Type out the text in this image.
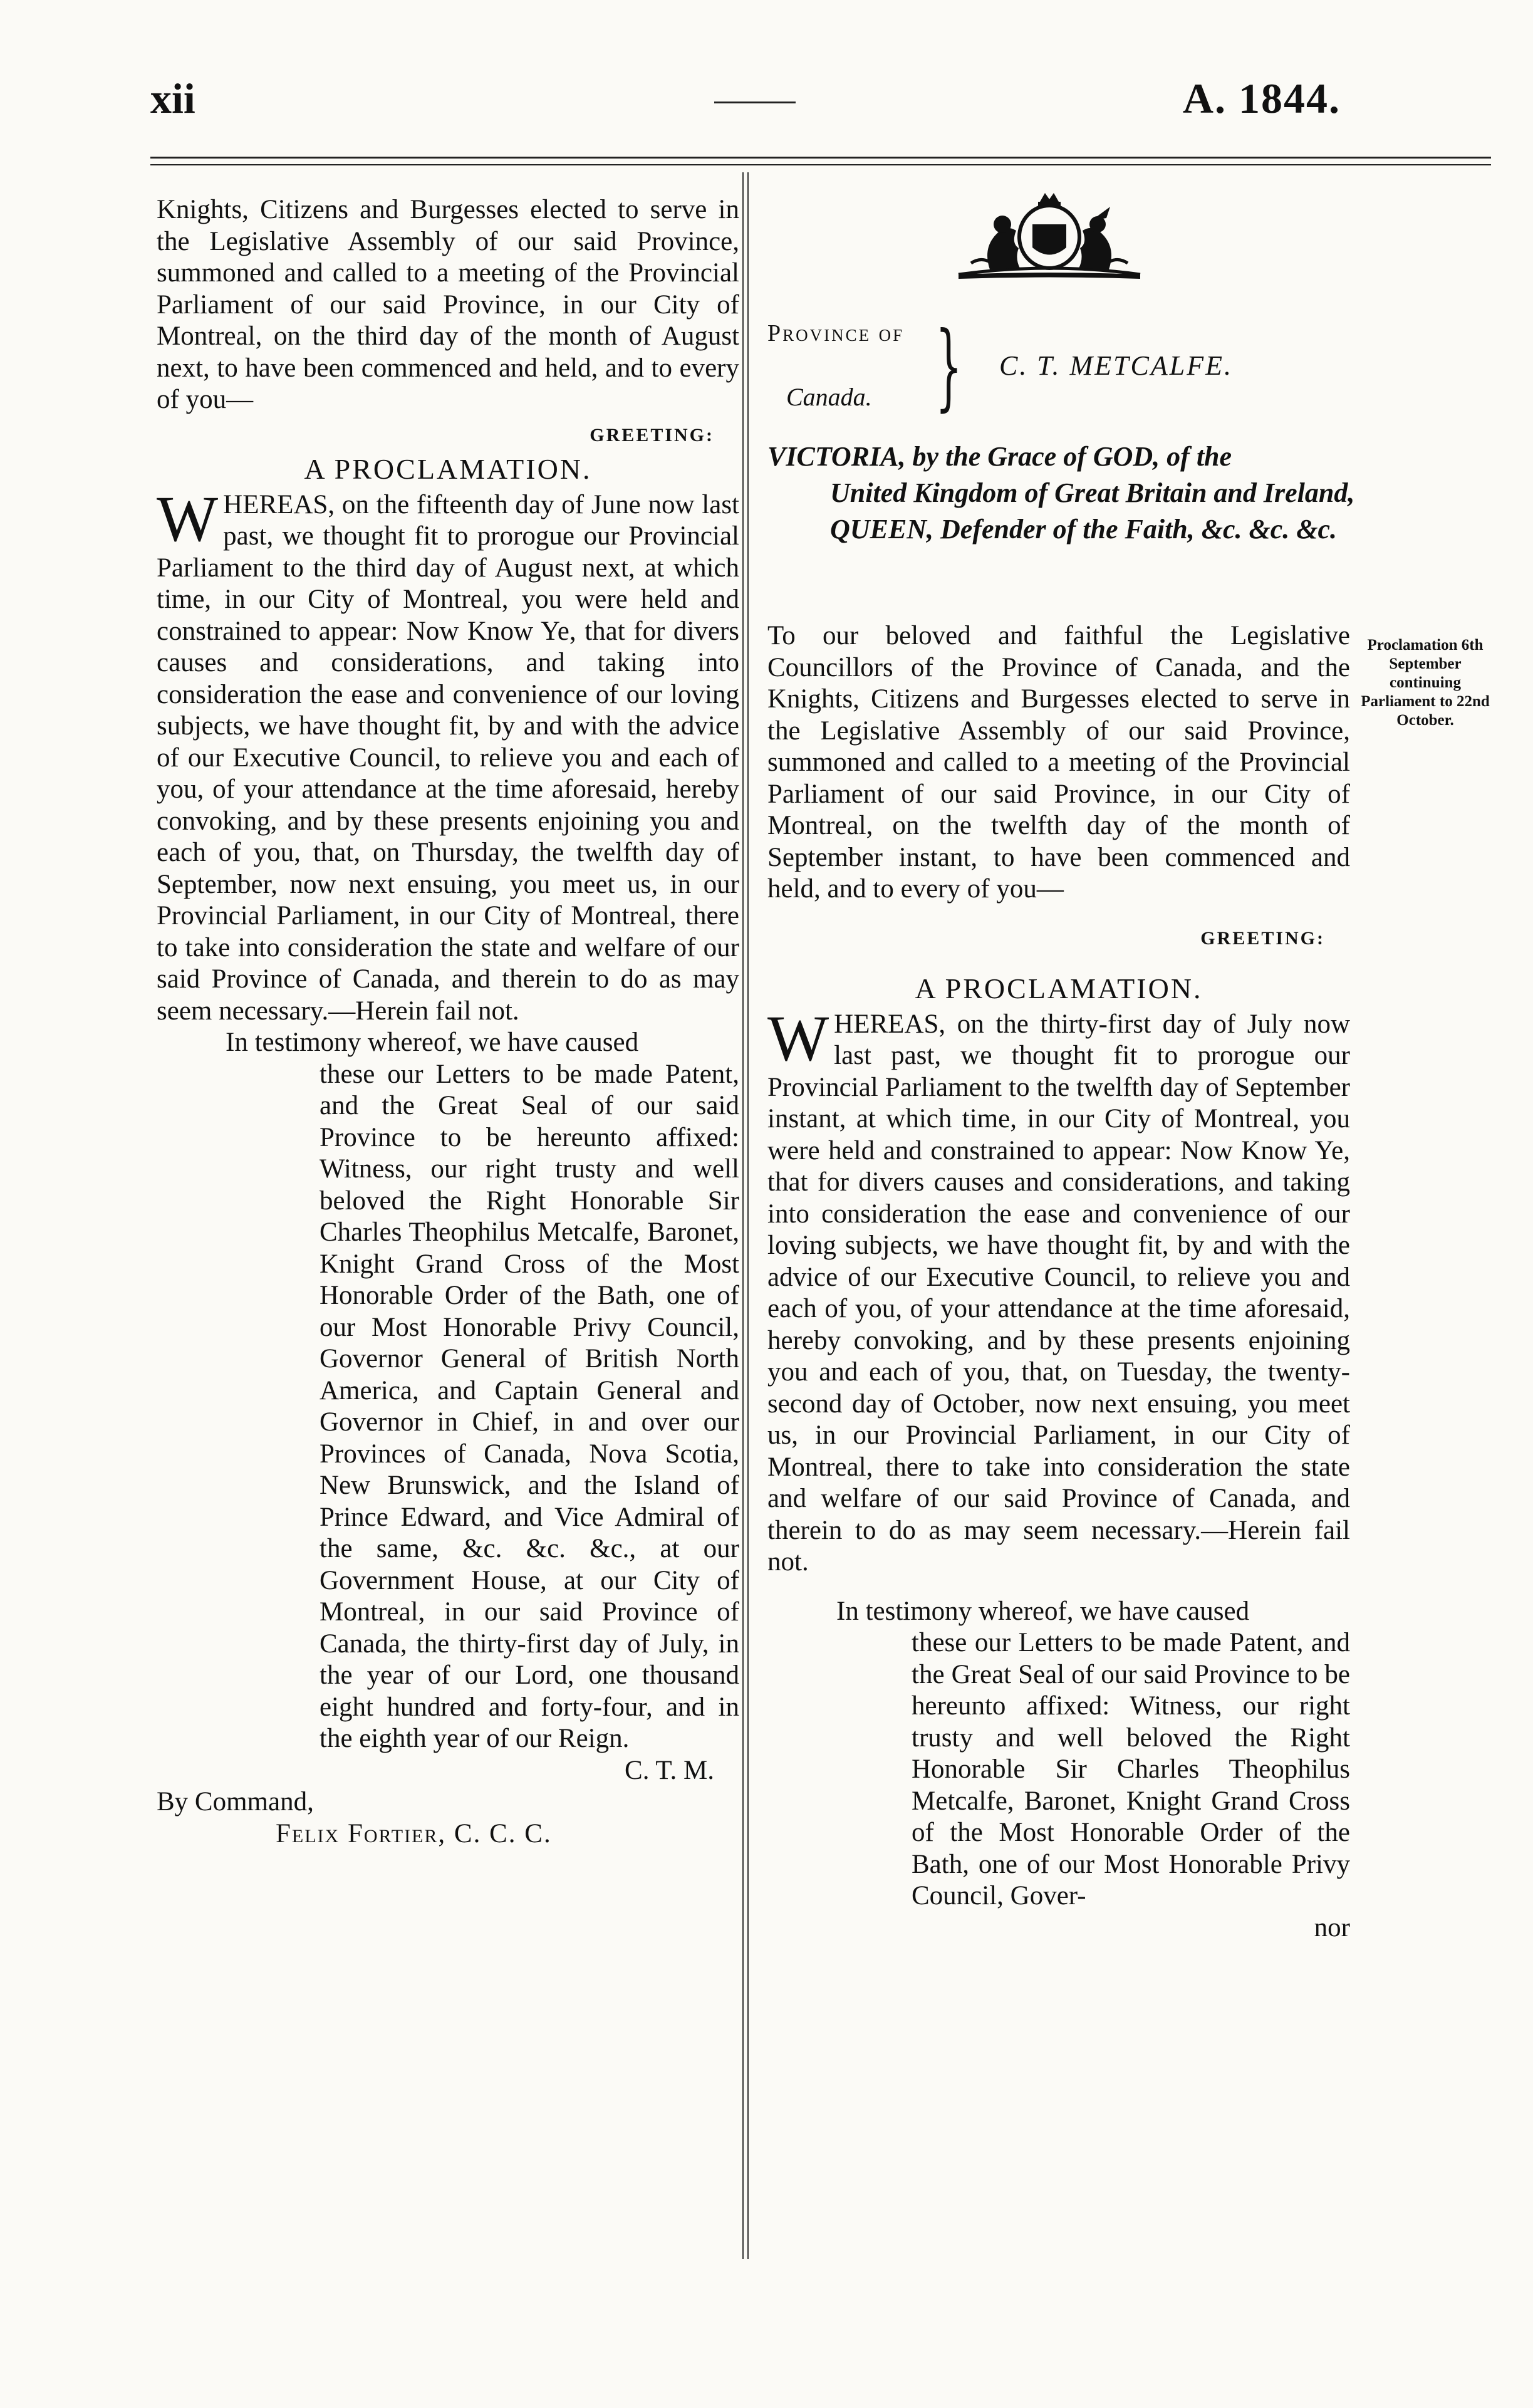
xii	A. 1844.

Knights, Citizens and Burgesses elected to serve in the Legislative Assembly of our said Province, summoned and called to a meeting of the Provincial Parliament of our said Province, in our City of Montreal, on the third day of the month of August next, to have been commenced and held, and to every of you—

GREETING:

A PROCLAMATION.

WHEREAS, on the fifteenth day of June now last past, we thought fit to prorogue our Provincial Parliament to the third day of August next, at which time, in our City of Montreal, you were held and constrained to appear: Now Know Ye, that for divers causes and considerations, and taking into consideration the ease and convenience of our loving subjects, we have thought fit, by and with the advice of our Executive Council, to relieve you and each of you, of your attendance at the time aforesaid, hereby convoking, and by these presents enjoining you and each of you, that, on Thursday, the twelfth day of September, now next ensuing, you meet us, in our Provincial Parliament, in our City of Montreal, there to take into consideration the state and welfare of our said Province of Canada, and therein to do as may seem necessary.—Herein fail not.

In testimony whereof, we have caused
these our Letters to be made Patent, and the Great Seal of our said Province to be hereunto affixed: Witness, our right trusty and well beloved the Right Honorable Sir Charles Theophilus Metcalfe, Baronet, Knight Grand Cross of the Most Honorable Order of the Bath, one of our Most Honorable Privy Council, Governor General of British North America, and Captain General and Governor in Chief, in and over our Provinces of Canada, Nova Scotia, New Brunswick, and the Island of Prince Edward, and Vice Admiral of the same, &c. &c. &c., at our Government House, at our City of Montreal, in our said Province of Canada, the thirty-first day of July, in the year of our Lord, one thousand eight hundred and forty-four, and in the eighth year of our Reign.

C. T. M.

By Command,

Felix Fortier, C. C. C.

Province of
Canada. } C. T. METCALFE.
VICTORIA, by the Grace of GOD, of the
United Kingdom of Great Britain and Ireland, QUEEN, Defender of the Faith, &c. &c. &c.

To our beloved and faithful the Legislative Councillors of the Province of Canada, and the Knights, Citizens and Burgesses elected to serve in the Legislative Assembly of our said Province, summoned and called to a meeting of the Provincial Parliament of our said Province, in our City of Montreal, on the twelfth day of the month of September instant, to have been commenced and held, and to every of you—

GREETING:

A PROCLAMATION.

WHEREAS, on the thirty-first day of July now last past, we thought fit to prorogue our Provincial Parliament to the twelfth day of September instant, at which time, in our City of Montreal, you were held and constrained to appear: Now Know Ye, that for divers causes and considerations, and taking into consideration the ease and convenience of our loving subjects, we have thought fit, by and with the advice of our Executive Council, to relieve you and each of you, of your attendance at the time aforesaid, hereby convoking, and by these presents enjoining you and each of you, that, on Tuesday, the twenty-second day of October, now next ensuing, you meet us, in our Provincial Parliament, in our City of Montreal, there to take into consideration the state and welfare of our said Province of Canada, and therein to do as may seem necessary.—Herein fail not.

In testimony whereof, we have caused
these our Letters to be made Patent, and the Great Seal of our said Province to be hereunto affixed: Witness, our right trusty and well beloved the Right Honorable Sir Charles Theophilus Metcalfe, Baronet, Knight Grand Cross of the Most Honorable Order of the Bath, one of our Most Honorable Privy Council, Gover-

nor

Proclamation 6th September continuing Parliament to 22nd October.
